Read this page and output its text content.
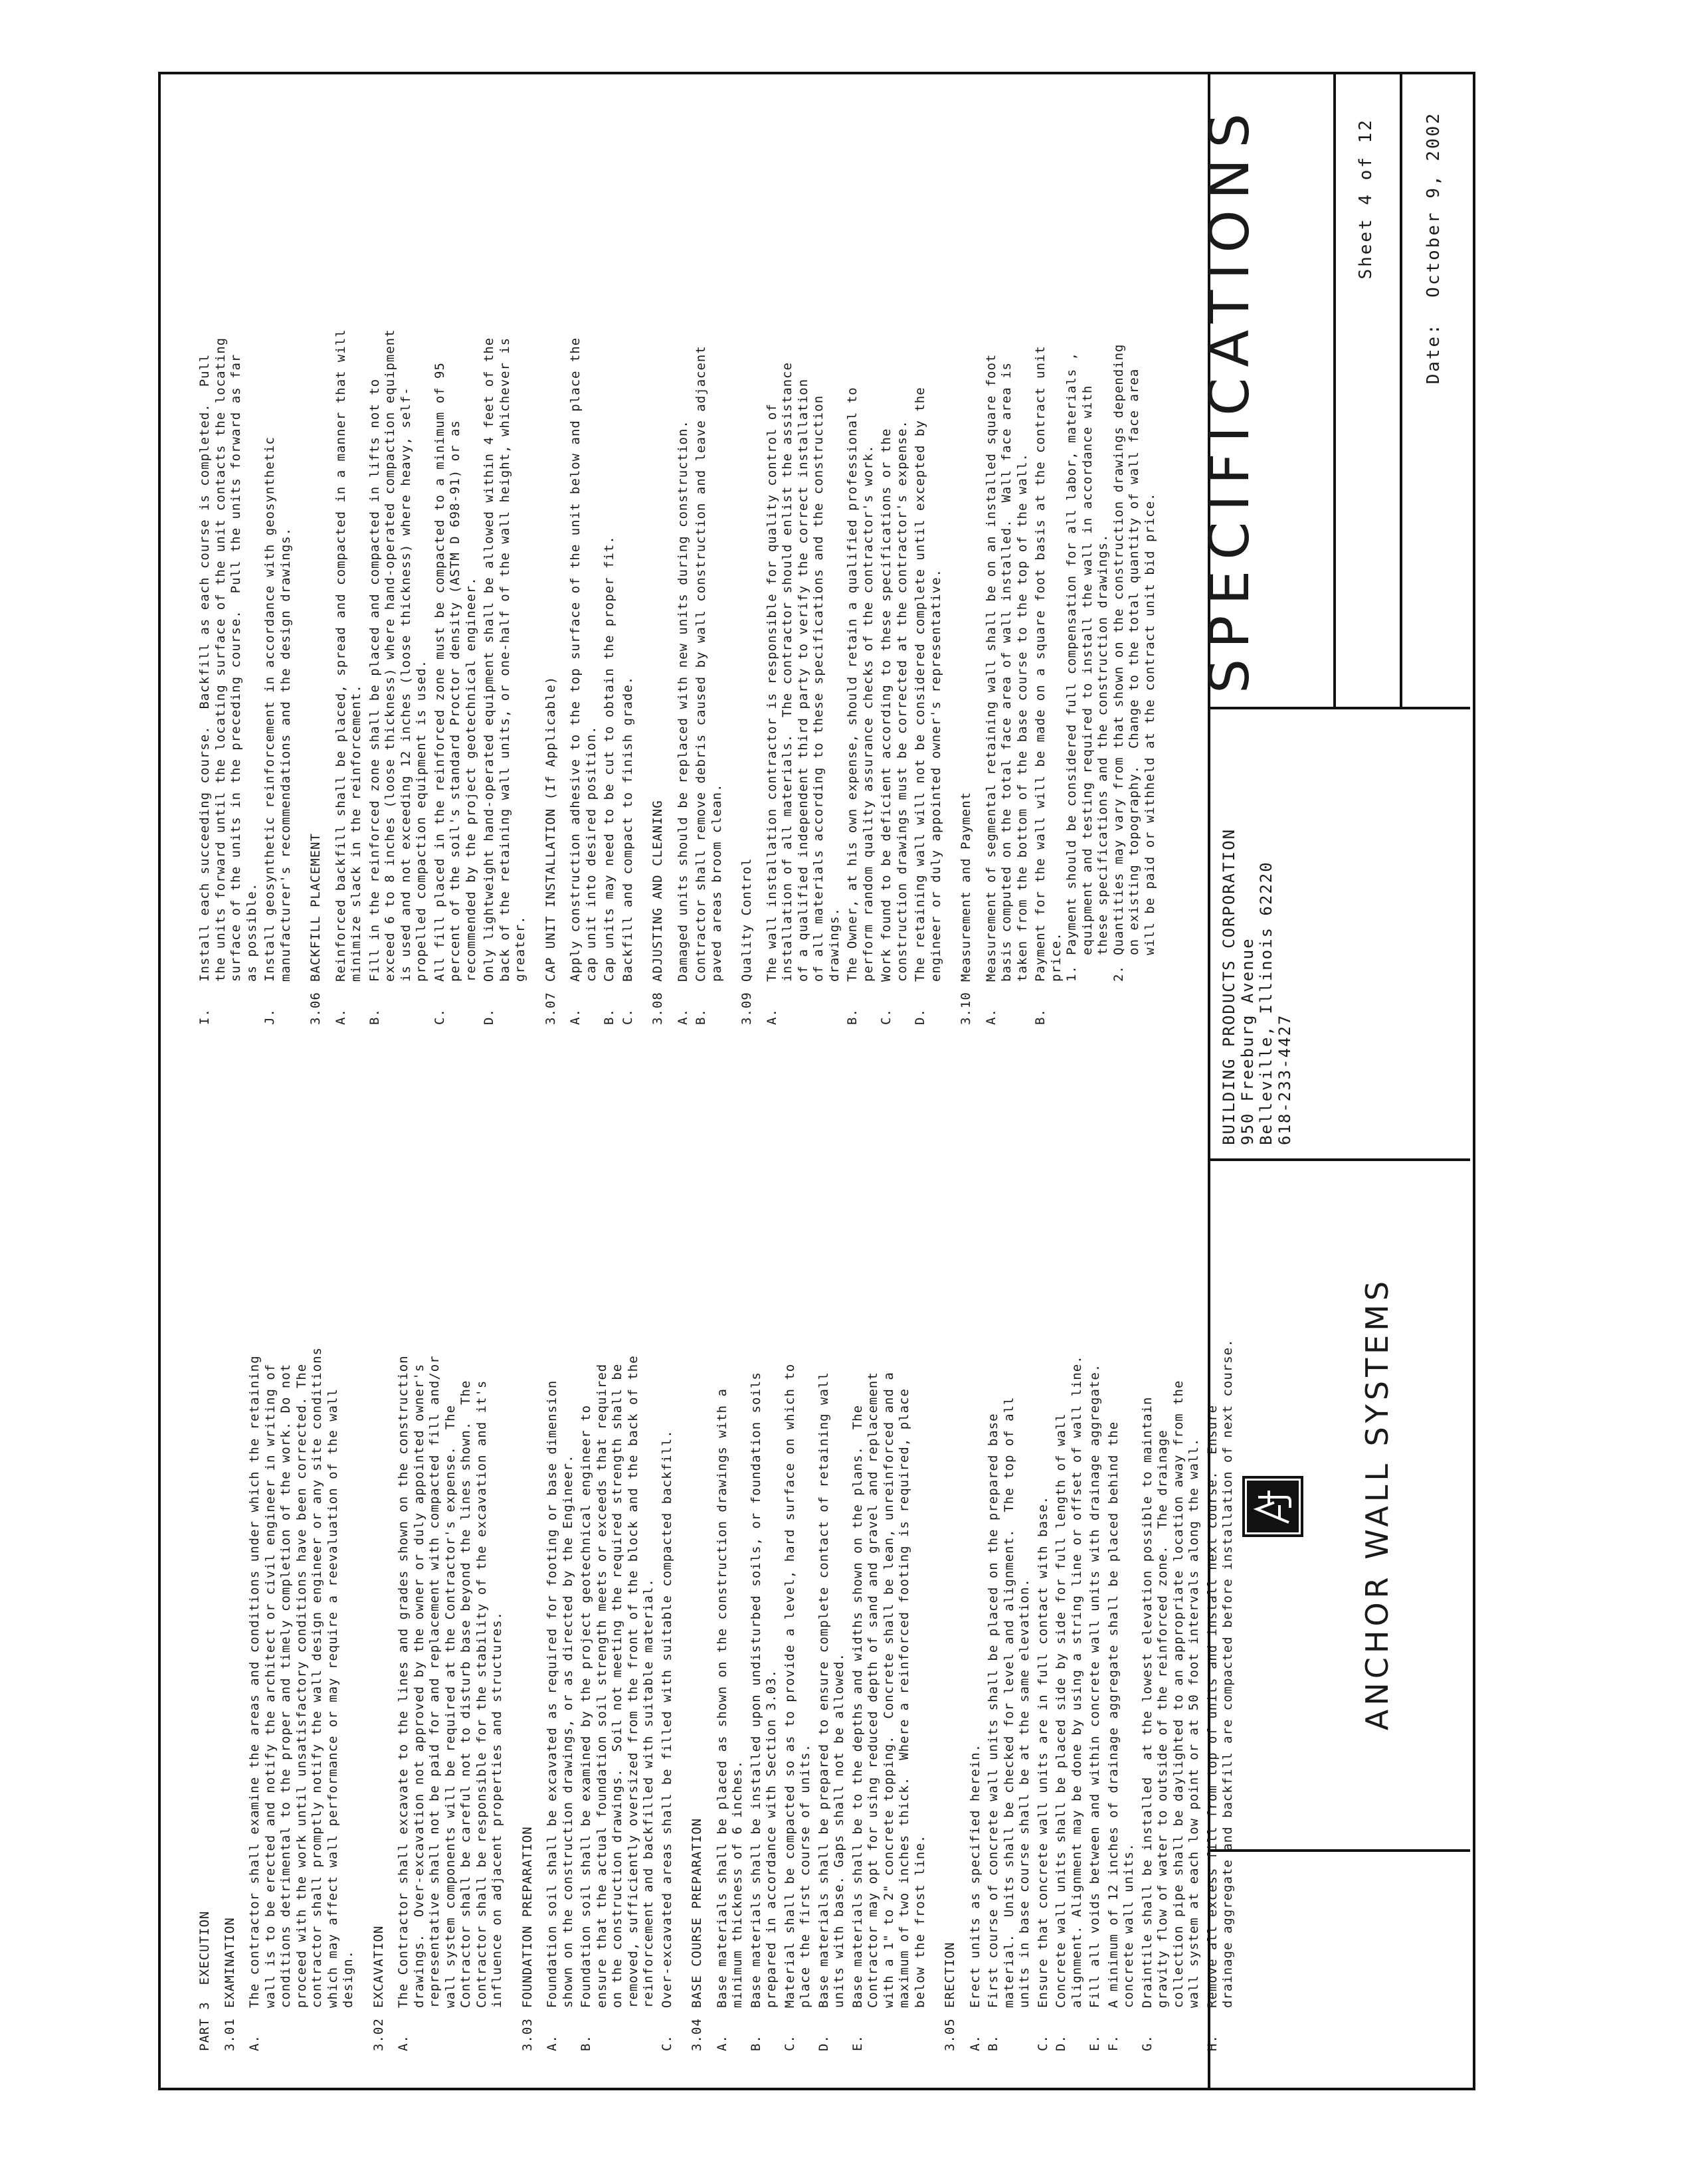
PART 3  EXECUTION 3.01
EXAMINATION
A.
The contractor shall examine the areas and conditions under which the retaining
wall is to be erected and notify the architect or civil engineer in writing of
conditions detrimental to the proper and timely completion of the work. Do not
proceed with the work until unsatisfactory conditions have been corrected. The
contractor shall promptly notify the wall design engineer or any site conditions
which may affect wall performance or may require a reevaluation of the wall
design.
3.02
EXCAVATION
A.
The Contractor shall excavate to the lines and grades shown on the construction
drawings.  Over-excavation not approved by the owner or duly appointed owner's
representative shall not be paid for and replacement with compacted fill and/or
wall system components will be required at the Contractor's expense.  The
Contractor shall be careful not to disturb base beyond the lines shown.  The
Contractor shall be responsible for the stability of the excavation and it's
influence on adjacent properties and structures.
3.03
FOUNDATION PREPARATION
A.
Foundation soil shall be excavated as required for footing or base dimension
shown on the construction drawings, or as directed by the Engineer.
B.
Foundation soil shall be examined by the project geotechnical engineer to
ensure that the actual foundation soil strength meets or exceeds that required
on the construction drawings.  Soil not meeting the required strength shall be
removed, sufficiently oversized from the front of the block and the back of the
reinforcement and backfilled with suitable material.
C.
Over-excavated areas shall be filled with suitable compacted backfill.
3.04
BASE COURSE PREPARATION
A.
Base materials shall be placed as shown on the construction drawings with a
minimum thickness of 6 inches.
B.
Base materials shall be installed upon undisturbed soils, or foundation soils
prepared in accordance with Section 3.03.
C.
Material shall be compacted so as to provide a level, hard surface on which to
place the first course of units.
D.
Base materials shall be prepared to ensure complete contact of retaining wall
units with base. Gaps shall not be allowed.
E.
Base materials shall be to the depths and widths shown on the plans.  The
Contractor may opt for using reduced depth of sand and gravel and replacement
with a 1" to 2" concrete topping.  Concrete shall be lean, unreinforced and a
maximum of two inches thick.  Where a reinforced footing is required, place
below the frost line.
3.05
ERECTION
A.
Erect units as specified herein.
B.
First course of concrete wall units shall be placed on the prepared base
material.  Units shall be checked for level and alignment.  The top of all
units in base course shall be at the same elevation.
C.
Ensure that concrete wall units are in full contact with base.
D.
Concrete wall units shall be placed side by side for full length of wall
alignment. Alignment may be done by using a string line or offset of wall line.
E.
Fill all voids between and within concrete wall units with drainage aggregate.
F.
A minimum of 12 inches of drainage aggregate shall be placed behind the
concrete wall units.
G.
Draintile shall be installed  at the lowest elevation possible to maintain
gravity flow of water to outside of the reinforced zone.  The drainage
collection pipe shall be daylighted to an appropriate location away from the
wall system at each low point or at 50 foot intervals along the wall.
H.
Remove all excess fill from top of units and install next course.  Ensure
drainage aggregate and backfill are compacted before installation of next course.
I.
Install each succeeding course.  Backfill as each course is completed.  Pull
the units forward until the locating surface of the unit contacts the locating
surface of the units in the preceding course.  Pull the units forward as far
as possible.
J.
Install geosynthetic reinforcement in accordance with geosynthetic
manufacturer's recommendations and the design drawings.
3.06
BACKFILL PLACEMENT
A.
Reinforced backfill shall be placed, spread and compacted in a manner that will
minimize slack in the reinforcement.
B.
Fill in the reinforced zone shall be placed and compacted in lifts not to
exceed 6 to 8 inches (loose thickness) where hand-operated compaction equipment
is used and not exceeding 12 inches (loose thickness) where heavy, self-
propelled compaction equipment is used.
C.
All fill placed in the reinforced zone must be compacted to a minimum of 95
percent of the soil's standard Proctor density (ASTM D 698-91) or as
recommended by the project geotechnical engineer.
D.
Only lightweight hand-operated equipment shall be allowed within 4 feet of the
back of the retaining wall units, or one-half of the wall height, whichever is
greater.
3.07
CAP UNIT INSTALLATION (If Applicable)
A.
Apply construction adhesive to the top surface of the unit below and place the
cap unit into desired position.
B.
Cap units may need to be cut to obtain the proper fit.
C.
Backfill and compact to finish grade.
3.08
ADJUSTING AND CLEANING
A.
Damaged units should be replaced with new units during construction.
B.
Contractor shall remove debris caused by wall construction and leave adjacent
paved areas broom clean.
3.09
Quality Control
A.
The wall installation contractor is responsible for quality control of
installation of all materials.  The contractor should enlist the assistance
of a qualified independent third party to verify the correct installation
of all materials according to these specifications and the construction
drawings.
B.
The Owner, at his own expense, should retain a qualified professional to
perform random quality assurance checks of the contractor's work.
C.
Work found to be deficient according to these specifications or the
construction drawings must be corrected at the contractor's expense.
D.
The retaining wall will not be considered complete until excepted by the
engineer or duly appointed owner's representative.
3.10
Measurement and Payment
A.
Measurement of segmental retaining wall shall be on an installed square foot
basis computed on the total face area of wall installed.  Wall face area is
taken from the bottom of the base course to the top of the wall.
B.
Payment for the wall will be made on a square foot basis at the contract unit
price. 1.
Payment should be considered full compensation for all labor, materials ,
equipment and testing required to install the wall in accordance with
these specifications and the construction drawings.
2.
Quantities may vary from that shown on the construction drawings depending
on existing topography.  Change to the total quantity of wall face area
will be paid or withheld at the contract unit bid price.
ANCHOR WALL SYSTEMS
BUILDING PRODUCTS CORPORATION 950 Freeburg Avenue Belleville, Illinois 62220 618-233-4427
SPECIFICATIONS	Sheet 4 of 12
Date:  October 9, 2002
